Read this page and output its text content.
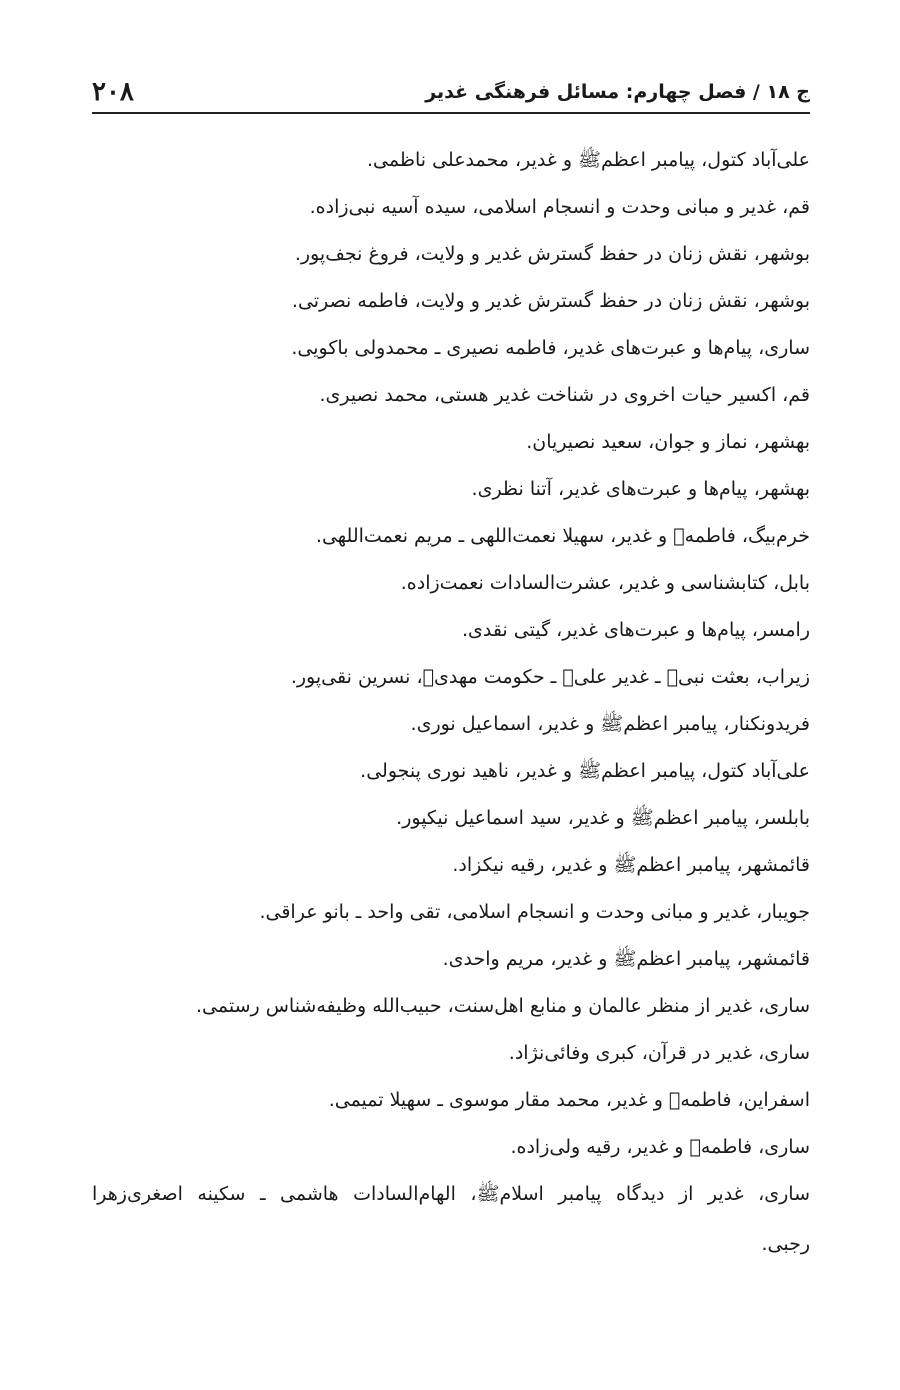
ج ۱۸ / فصل چهارم: مسائل فرهنگی غدیر
۲۰۸

علی‌آباد کتول، پیامبر اعظمﷺ و غدیر، محمدعلی ناظمی.

قم، غدیر و مبانی وحدت و انسجام اسلامی، سیده آسیه نبی‌زاده.

بوشهر، نقش زنان در حفظ گسترش غدیر و ولایت، فروغ نجف‌پور.

بوشهر، نقش زنان در حفظ گسترش غدیر و ولایت، فاطمه نصرتی.

ساری، پیام‌ها و عبرت‌های غدیر، فاطمه نصیری ـ محمدولی باکویی.

قم، اکسیر حیات اخروی در شناخت غدیر هستی، محمد نصیری.

بهشهر، نماز و جوان، سعید نصیریان.

بهشهر، پیام‌ها و عبرت‌های غدیر، آتنا نظری.

خرم‌بیگ، فاطمهؑ و غدیر، سهیلا نعمت‌اللهی ـ مریم نعمت‌اللهی.

بابل، کتابشناسی و غدیر، عشرت‌السادات نعمت‌زاده.

رامسر، پیام‌ها و عبرت‌های غدیر، گیتی نقدی.

زیراب، بعثت نبیﷺ ـ غدیر علیؑ ـ حکومت مهدیؑ، نسرین نقی‌پور.

فریدونکنار، پیامبر اعظمﷺ و غدیر، اسماعیل نوری.

علی‌آباد کتول، پیامبر اعظمﷺ و غدیر، ناهید نوری پنجولی.

بابلسر، پیامبر اعظمﷺ و غدیر، سید اسماعیل نیکپور.

قائمشهر، پیامبر اعظمﷺ و غدیر، رقیه نیکزاد.

جویبار، غدیر و مبانی وحدت و انسجام اسلامی، تقی واحد ـ بانو عراقی.

قائمشهر، پیامبر اعظمﷺ و غدیر، مریم واحدی.

ساری، غدیر از منظر عالمان و منابع اهل‌سنت، حبیب‌الله وظیفه‌شناس رستمی.

ساری، غدیر در قرآن، کبری وفائی‌نژاد.

اسفراین، فاطمهؑ و غدیر، محمد مقار موسوی ـ سهیلا تمیمی.

ساری، فاطمهؑ و غدیر، رقیه ولی‌زاده.

ساری، غدیر از دیدگاه پیامبر اسلامﷺ، الهام‌السادات هاشمی ـ سکینه اصغری‌زهرا
رجبی.
